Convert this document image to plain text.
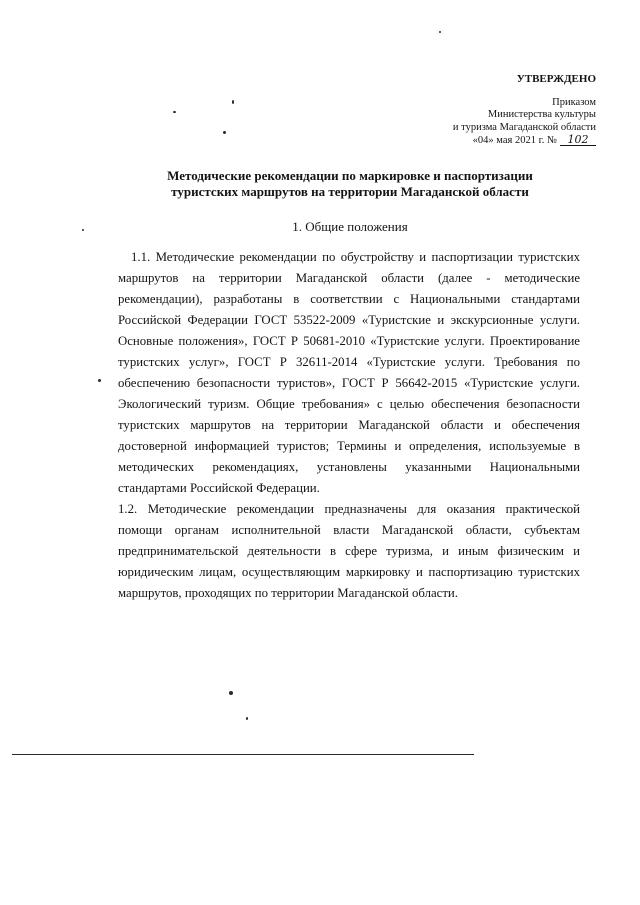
УТВЕРЖДЕНО
Приказом
Министерства культуры
и туризма Магаданской области
«04» мая 2021 г. № 102
Методические рекомендации по маркировке и паспортизации
туристских маршрутов на территории Магаданской области
1. Общие положения

1.1. Методические рекомендации по обустройству и паспортизации туристских маршрутов на территории Магаданской области (далее - методические рекомендации), разработаны в соответствии с Национальными стандартами Российской Федерации ГОСТ 53522-2009 «Туристские и экскурсионные услуги. Основные положения», ГОСТ Р 50681-2010 «Туристские услуги. Проектирование туристских услуг», ГОСТ Р 32611-2014 «Туристские услуги. Требования по обеспечению безопасности туристов», ГОСТ Р 56642-2015 «Туристские услуги. Экологический туризм. Общие требования» с целью обеспечения безопасности туристских маршрутов на территории Магаданской области и обеспечения достоверной информацией туристов; Термины и определения, используемые в методических рекомендациях, установлены указанными Национальными стандартами Российской Федерации.

1.2. Методические рекомендации предназначены для оказания практической помощи органам исполнительной власти Магаданской области, субъектам предпринимательской деятельности в сфере туризма, и иным физическим и юридическим лицам, осуществляющим маркировку и паспортизацию туристских маршрутов, проходящих по территории Магаданской области.
